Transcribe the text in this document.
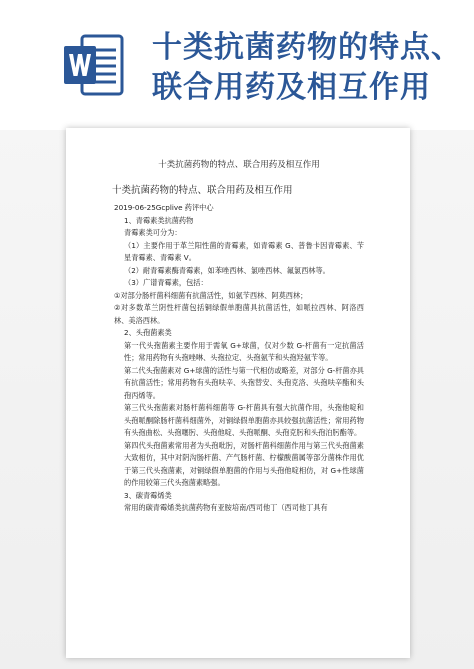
十类抗菌药物的特点、联合用药及相互作用
十类抗菌药物的特点、联合用药及相互作用
十类抗菌药物的特点、联合用药及相互作用
2019-06-25Gcplive 药评中心
1、青霉素类抗菌药物
青霉素类可分为：
（1）主要作用于革兰阳性菌的青霉素，如青霉素 G、普鲁卡因青霉素、苄星青霉素、青霉素 V。
（2）耐青霉素酶青霉素，如苯唑西林、氯唑西林、氟氯西林等。
（3）广谱青霉素，包括：
①对部分肠杆菌科细菌有抗菌活性，如氨苄西林、阿莫西林；
②对多数革兰阴性杆菌包括铜绿假单胞菌具抗菌活性，如哌拉西林、阿洛西林、美洛西林。
2、头孢菌素类
第一代头孢菌素主要作用于需氧 G+球菌，仅对少数 G-杆菌有一定抗菌活性；常用药物有头孢唑啉、头孢拉定、头孢氨苄和头孢羟氨苄等。
第二代头孢菌素对 G+球菌的活性与第一代相仿或略差，对部分 G-杆菌亦具有抗菌活性；常用药物有头孢呋辛、头孢替安、头孢克洛、头孢呋辛酯和头孢丙烯等。
第三代头孢菌素对肠杆菌科细菌等 G-杆菌具有强大抗菌作用，头孢他啶和头孢哌酮除肠杆菌科细菌外，对铜绿假单胞菌亦具较强抗菌活性；常用药物有头孢曲松、头孢噻肟、头孢他啶、头孢哌酮、头孢克肟和头孢泊肟酯等。
第四代头孢菌素常用者为头孢吡肟，对肠杆菌科细菌作用与第三代头孢菌素大致相仿，其中对阴沟肠杆菌、产气肠杆菌、柠檬酸菌属等部分菌株作用优于第三代头孢菌素，对铜绿假单胞菌的作用与头孢他啶相仿，对 G+性球菌的作用较第三代头孢菌素略强。
3、碳青霉烯类
常用的碳青霉烯类抗菌药物有亚胺培南/西司他丁（西司他丁具有
